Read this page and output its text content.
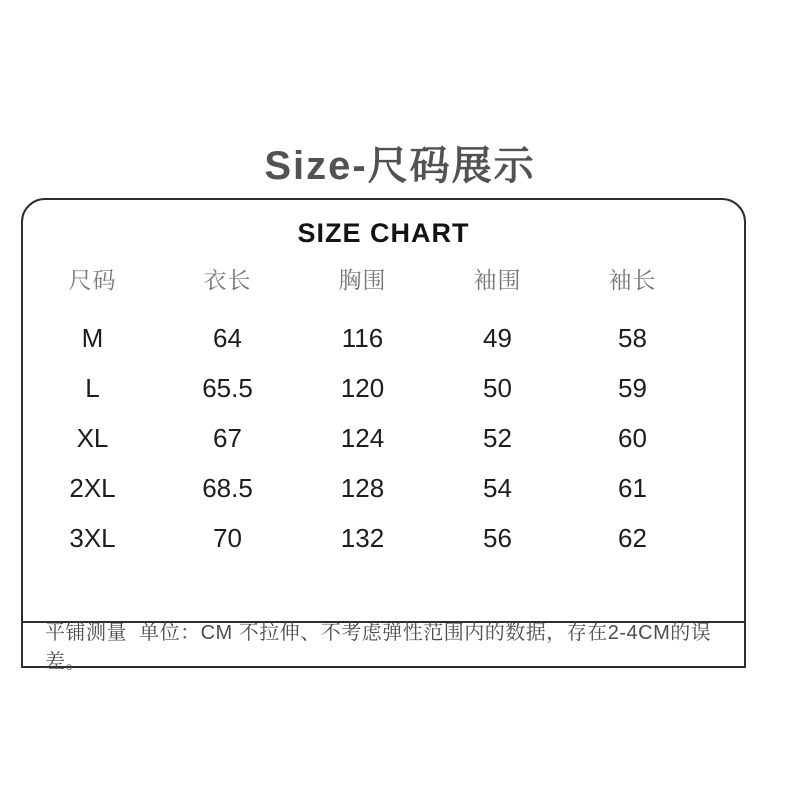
Size-尺码展示
SIZE CHART
尺码	衣长	胸围	袖围	袖长
M	64	116	49	58
L	65.5	120	50	59
XL	67	124	52	60
2XL	68.5	128	54	61
3XL	70	132	56	62
平铺测量  单位：CM 不拉伸、不考虑弹性范围内的数据，存在2-4CM的误差。
